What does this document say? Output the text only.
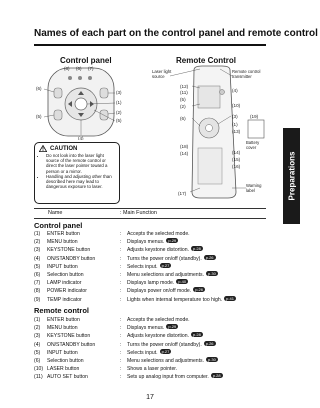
Names of each part on the control panel and remote control
Control panel	Remote Control
(8) (6) (7)
(6)
(3)
(1)
(5)
(2)
(5)
(4)
CAUTION
• Do not look into the laser light source of the remote control or direct the laser pointer toward a person or a mirror.
• Handling and adjusting other than described here may lead to dangerous exposure to laser.
Laser light
source
Remote control
transmitter
Battery
cover
Warning
label
(12)
(11)	(4)
(5)
(2)	(10)
(6)	(3)	(19)
(1)
(13)
(18)
(14)	(14)
(15)
(16)
(17)	Preparations
Name	: Main Function
Control panel
(1) ENTER button	: Accepts the selected mode.
(2) MENU button	: Displays menus. p.29
(3) KEYSTONE button	: Adjusts keystone distortion. p.28
(4) ON/STANDBY button	: Turns the power on/off (standby). p.26
(5) INPUT button	: Selects input. p.27
(6) Selection button	: Menu selections and adjustments. p.30
(7) LAMP indicator	: Displays lamp mode. p.40
(8) POWER indicator	: Displays power on/off mode. p.26
(9) TEMP indicator	: Lights when internal temperature too high. p.41
Remote control
(1) ENTER button	: Accepts the selected mode.
(2) MENU button	: Displays menus. p.29
(3) KEYSTONE button	: Adjusts keystone distortion. p.28
(4) ON/STANDBY button	: Turns the power on/off (standby). p.26
(5) INPUT button	: Selects input. p.27
(6) Selection button	: Menu selections and adjustments. p.30
(10) LASER button	: Shows a laser pointer.
(11) AUTO SET button	: Sets up analog input from computer. p.28
17
